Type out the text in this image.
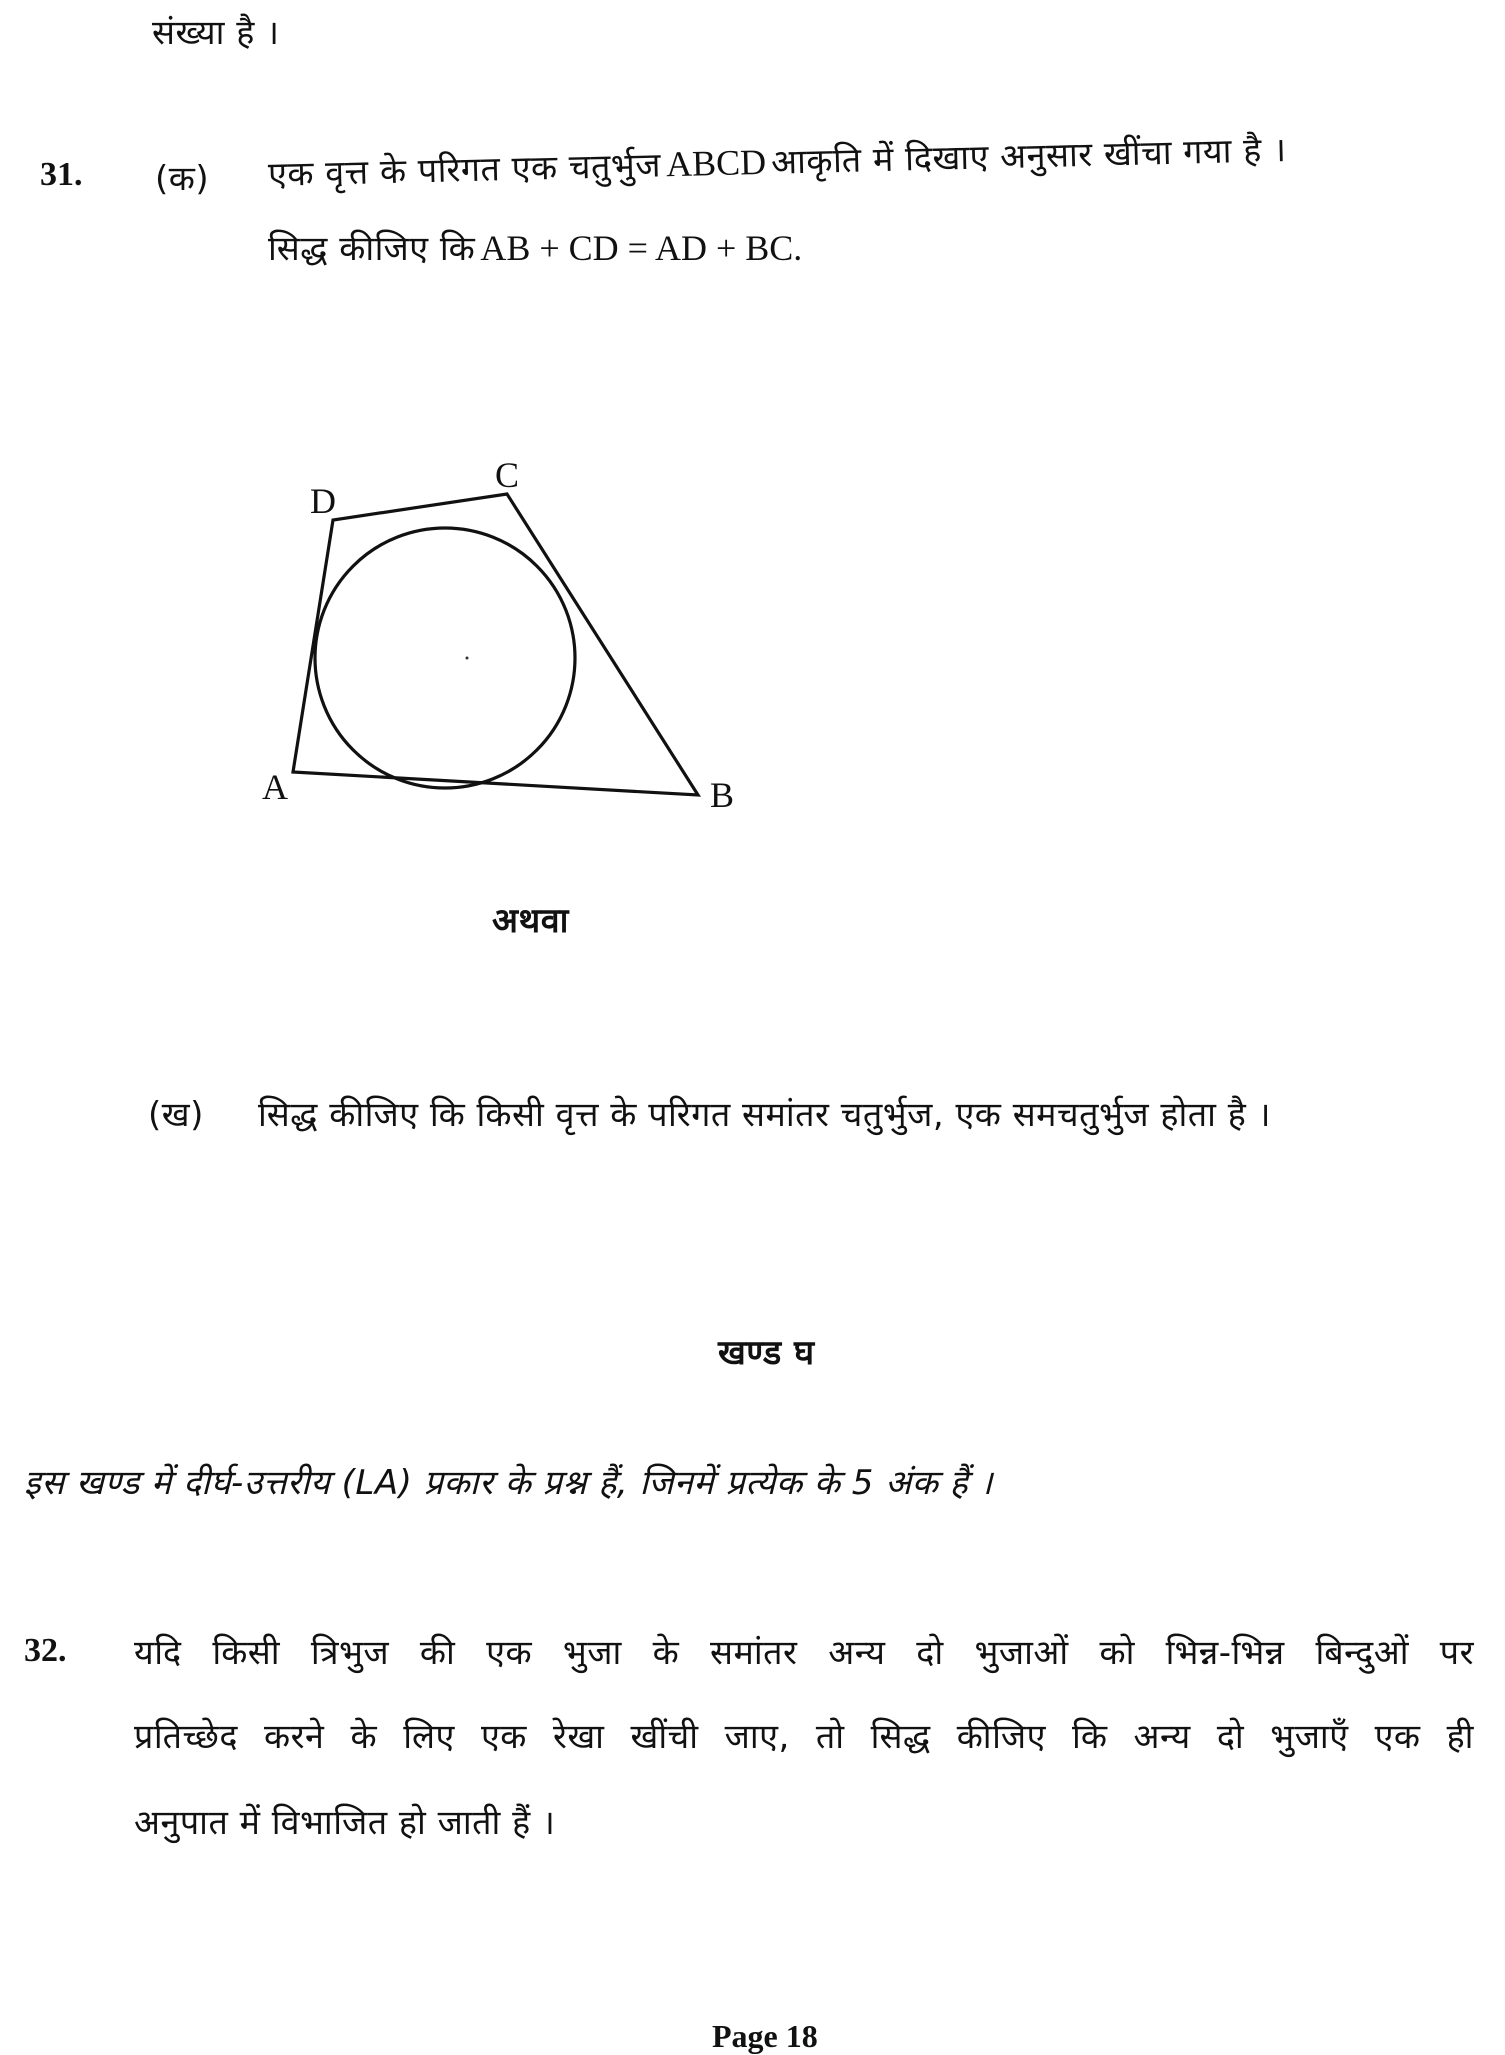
संख्या है ।
31. (क) एक वृत्त के परिगत एक चतुर्भुज ABCD आकृति में दिखाए अनुसार खींचा गया है ।
सिद्ध कीजिए कि AB + CD = AD + BC.
A	B
C
D
अथवा
(ख) सिद्ध कीजिए कि किसी वृत्त के परिगत समांतर चतुर्भुज, एक समचतुर्भुज होता है ।
खण्ड घ
इस खण्ड में दीर्घ-उत्तरीय (LA) प्रकार के प्रश्न हैं, जिनमें प्रत्येक के 5 अंक हैं ।
32. यदि किसी त्रिभुज की एक भुजा के समांतर अन्य दो भुजाओं को भिन्न-भिन्न बिन्दुओं पर
प्रतिच्छेद करने के लिए एक रेखा खींची जाए, तो सिद्ध कीजिए कि अन्य दो भुजाएँ एक ही
अनुपात में विभाजित हो जाती हैं ।
Page 18
